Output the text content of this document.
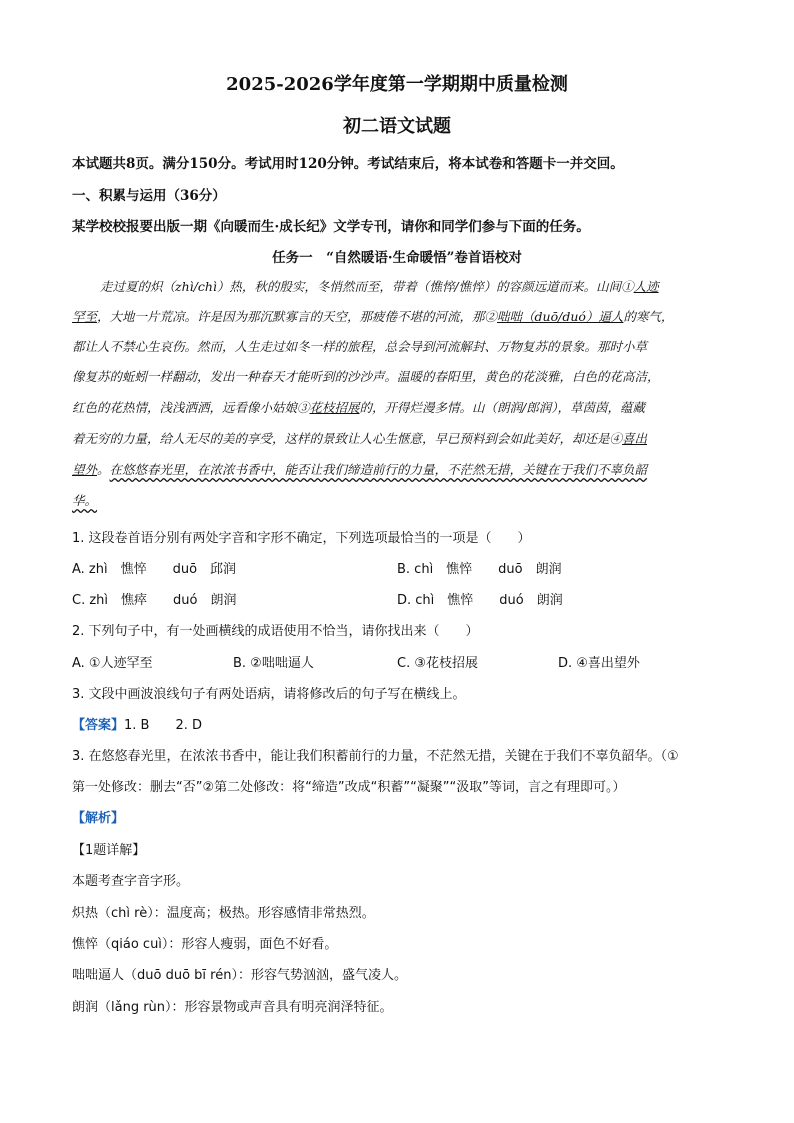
2025-2026学年度第一学期期中质量检测
初二语文试题
本试题共8页。满分150分。考试用时120分钟。考试结束后，将本试卷和答题卡一并交回。
一、积累与运用（36分）
某学校校报要出版一期《向暖而生·成长纪》文学专刊，请你和同学们参与下面的任务。
任务一　“自然暖语·生命暖悟”卷首语校对
走过夏的炽（zhì/chì）热，秋的殷实，冬悄然而至，带着（憔悴/憔悴）的容颜远道而来。山间①人迹
罕至，大地一片荒凉。许是因为那沉默寡言的天空，那疲倦不堪的河流，那②咄咄（duō/duó）逼人的寒气，
都让人不禁心生哀伤。然而，人生走过如冬一样的旅程，总会导到河流解封、万物复苏的景象。那时小草
像复苏的蚯蚓一样翻动，发出一种春天才能听到的沙沙声。温暖的春阳里，黄色的花淡雅，白色的花高洁，
红色的花热情，浅浅洒洒，远看像小姑娘③花枝招展的，开得烂漫多情。山（朗润/郎润），草茵茵，蕴藏
着无穷的力量，给人无尽的美的享受，这样的景致让人心生惬意，早已预料到会如此美好，却还是④喜出
望外。在悠悠春光里，在浓浓书香中，能否让我们缔造前行的力量，不茫然无措，关键在于我们不辜负韶
华。
1. 这段卷首语分别有两处字音和字形不确定，下列选项最恰当的一项是（　　）
A. zhì　憔悴　　duō　邱润	B. chì　憔悴　　duō　朗润
C. zhì　憔瘁　　duó　朗润	D. chì　憔悴　　duó　朗润
2. 下列句子中，有一处画横线的成语使用不恰当，请你找出来（　　）
A. ①人迹罕至	B. ②咄咄逼人	C. ③花枝招展	D. ④喜出望外
3. 文段中画波浪线句子有两处语病，请将修改后的句子写在横线上。
【答案】1. B　　2. D
3. 在悠悠春光里，在浓浓书香中，能让我们积蓄前行的力量，不茫然无措，关键在于我们不辜负韶华。（①
第一处修改：删去“否”②第二处修改：将“缔造”改成“积蓄”“凝聚”“汲取”等词，言之有理即可。）
【解析】
【1题详解】
本题考查字音字形。
炽热（chì rè）：温度高；极热。形容感情非常热烈。
憔悴（qiáo cuì）：形容人瘦弱，面色不好看。
咄咄逼人（duō duō bī rén）：形容气势汹汹，盛气凌人。
朗润（lǎng rùn）：形容景物或声音具有明亮润泽特征。
